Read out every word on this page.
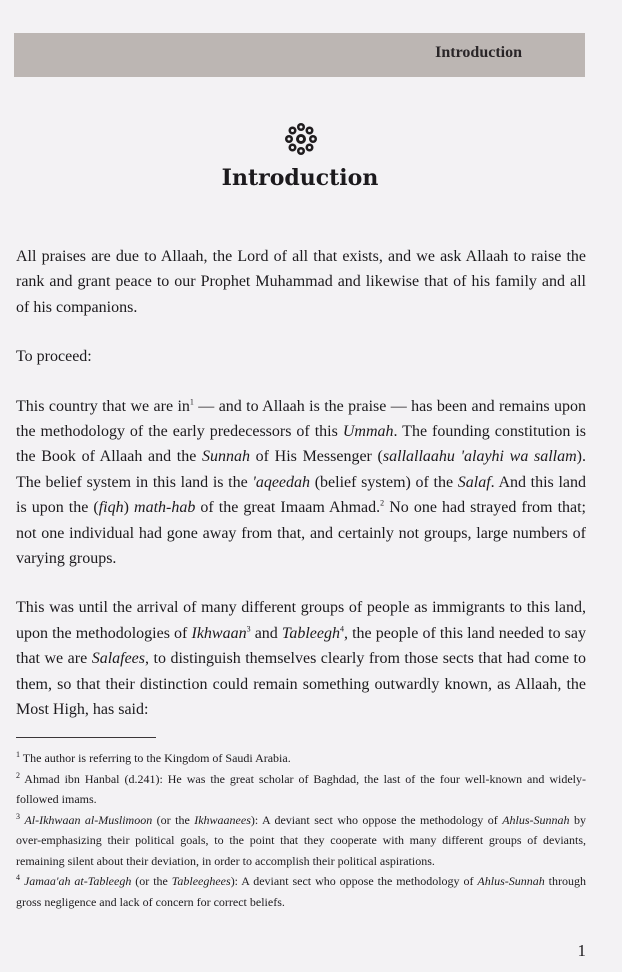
Introduction
Introduction

All praises are due to Allaah, the Lord of all that exists, and we ask Allaah to raise the rank and grant peace to our Prophet Muhammad and likewise that of his family and all of his companions.

To proceed:

This country that we are $in^1$ — and to Allaah is the praise — has been and remains upon the methodology of the early predecessors of this Ummah. The founding constitution is the Book of Allaah and the Sunnah of His Messenger (sallallaahu 'alayhi wa sallam). The belief system in this land is the 'aqeedah (belief system) of the Salaf. And this land is upon the (fiqh) math-hab of the great Imaam Ahmad.$^2$ No one had strayed from that; not one individual had gone away from that, and certainly not groups, large numbers of varying groups.

This was until the arrival of many different groups of people as immigrants to this land, upon the methodologies of Ikhwaan$^3$ and Tableegh$^4$, the people of this land needed to say that we are Salafees, to distinguish themselves clearly from those sects that had come to them, so that their distinction could remain something outwardly known, as Allaah, the Most High, has said:

$^1$ The author is referring to the Kingdom of Saudi Arabia.

$^2$ Ahmad ibn Hanbal (d.241): He was the great scholar of Baghdad, the last of the four well-known and widely-followed imams.

$^3$ Al-Ikhwaan al-Muslimoon (or the Ikhwaanees): A deviant sect who oppose the methodology of Ahlus-Sunnah by over-emphasizing their political goals, to the point that they cooperate with many different groups of deviants, remaining silent about their deviation, in order to accomplish their political aspirations.

$^4$ Jamaa'ah at-Tableegh (or the Tableeghees): A deviant sect who oppose the methodology of Ahlus-Sunnah through gross negligence and lack of concern for correct beliefs.

1
